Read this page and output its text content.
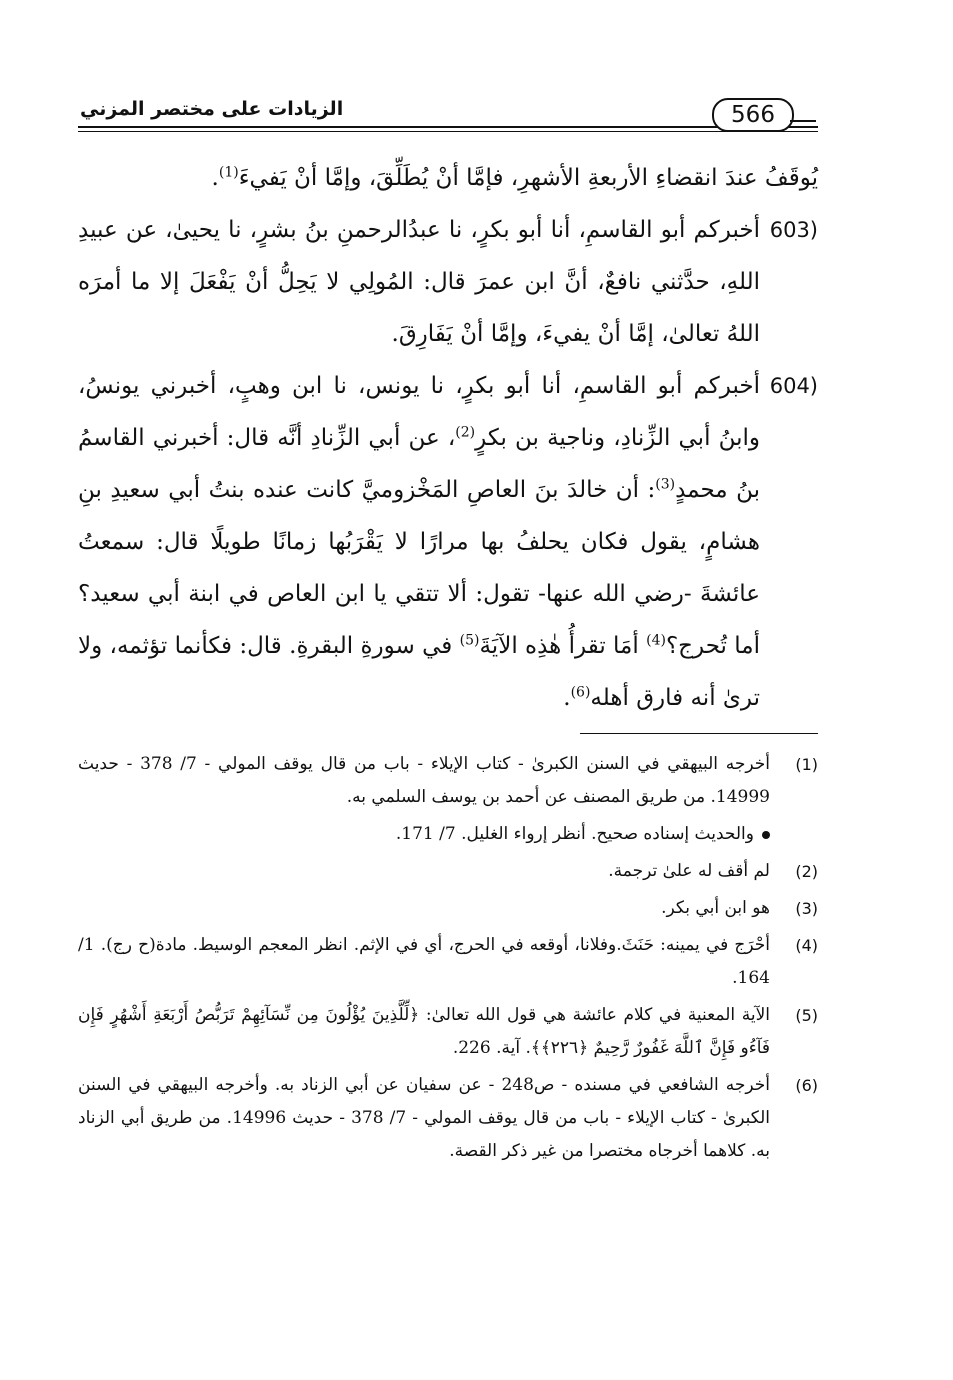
الزيادات على مختصر المزني	566

يُوقَفُ عندَ انقضاءِ الأربعةِ الأشهرِ، فإمَّا أنْ يُطَلِّقَ، وإمَّا أنْ يَفيءَ$^{(1)}$.

603)
أخبركم أبو القاسمِ، أنا أبو بكرٍ، نا عبدُالرحمنِ بنُ بشرٍ، نا يحيىٰ، عن عبيدِ اللهِ، حدَّثني نافعٌ، أنَّ ابن عمرَ قال: المُولِي لا يَحِلُّ أنْ يَفْعَلَ إلا ما أمرَه اللهُ تعالىٰ، إمَّا أنْ يفيءَ، وإمَّا أنْ يَفَارِقَ.

604)
أخبركم أبو القاسمِ، أنا أبو بكرٍ، نا يونس، نا ابن وهبٍ، أخبرني يونسُ، وابنُ أبي الزِّنادِ، وناجية بن بكرٍ$^{(2)}$، عن أبي الزِّنادِ أنَّه قال: أخبرني القاسمُ بنُ محمدٍ$^{(3)}$: أن خالدَ بنَ العاصِ المَخْزوميَّ كانت عنده بنتُ أبي سعيدِ بنِ هشامٍ، يقول فكان يحلفُ بها مرارًا لا يَقْرَبُها زمانًا طويلًا قال: سمعتُ عائشةَ -رضي الله عنها- تقول: ألا تتقي يا ابن العاص في ابنة أبي سعيد؟ أما تُحرج؟$^{(4)}$ أمَا تقرأُ هٰذِه الآيَةَ$^{(5)}$ في سورةِ البقرةِ. قال: فكأنما تؤثمه، ولا ترىٰ أنه فارق أهله$^{(6)}$.

(1)
أخرجه البيهقي في السنن الكبرىٰ - كتاب الإيلاء - باب من قال يوقف المولي - 7/ 378 - حديث 14999. من طريق المصنف عن أحمد بن يوسف السلمي به.

والحديث إسناده صحيح. أنظر إرواء الغليل. 7/ 171.

(2)
لم أقف له علىٰ ترجمة.

(3)
هو ابن أبي بكر.

(4)
أحْرَج في يمينه: حَنَثَ.وفلانا، أوقعه في الحرج، أي في الإثم. انظر المعجم الوسيط. مادة(ح رج). 1/ 164.

(5)
الآية المعنية في كلام عائشة هي قول الله تعالىٰ: ﴿لِّلَّذِينَ يُؤْلُونَ مِن نِّسَآئِهِمْ تَرَبُّصُ أَرْبَعَةِ أَشْهُرٍ فَإِن فَآءُو فَإِنَّ ٱللَّهَ غَفُورٌ رَّحِيمٌ ﴿٢٢٦﴾﴾. آية. 226.

(6)
أخرجه الشافعي في مسنده - ص248 - عن سفيان عن أبي الزناد به. وأخرجه البيهقي في السنن الكبرىٰ - كتاب الإيلاء - باب من قال يوقف المولي - 7/ 378 - حديث 14996. من طريق أبي الزناد به. كلاهما أخرجاه مختصرا من غير ذكر القصة.
